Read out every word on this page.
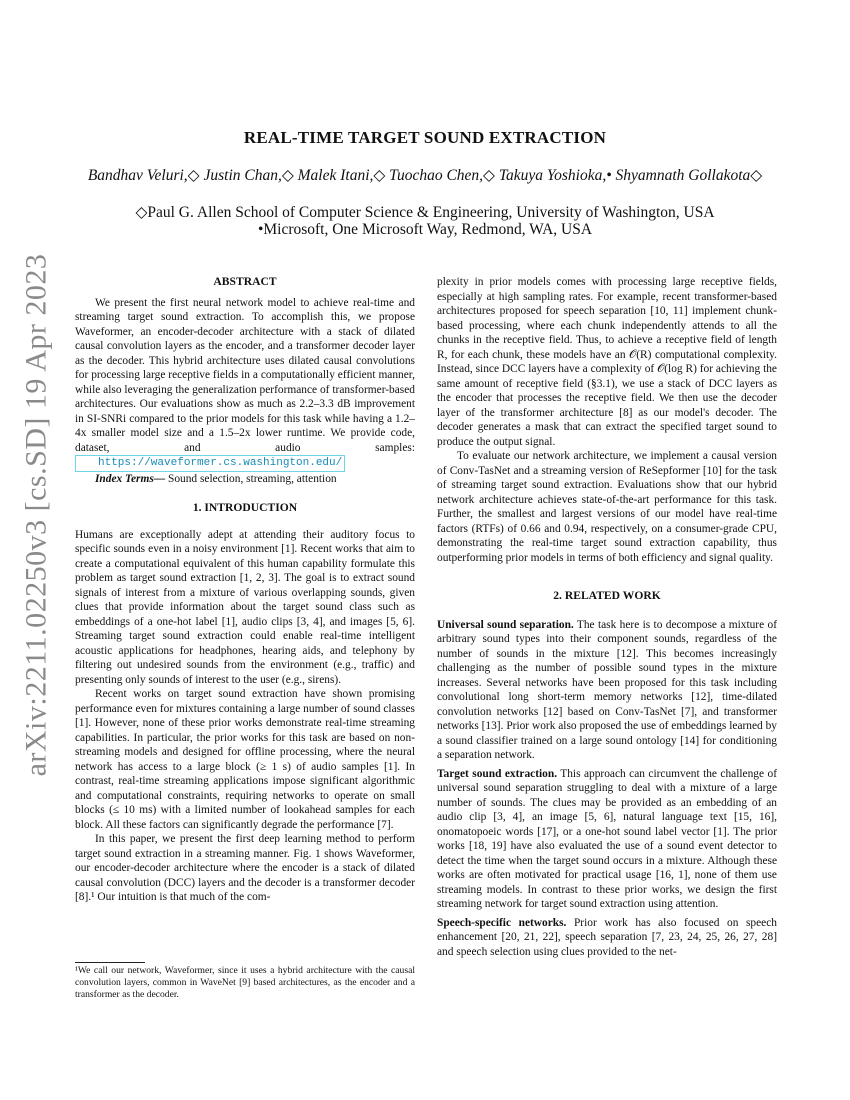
arXiv:2211.02250v3 [cs.SD] 19 Apr 2023
REAL-TIME TARGET SOUND EXTRACTION
Bandhav Veluri,◇ Justin Chan,◇ Malek Itani,◇ Tuochao Chen,◇ Takuya Yoshioka,• Shyamnath Gollakota◇
◇Paul G. Allen School of Computer Science & Engineering, University of Washington, USA
•Microsoft, One Microsoft Way, Redmond, WA, USA
ABSTRACT

We present the first neural network model to achieve real-time and streaming target sound extraction. To accomplish this, we propose Waveformer, an encoder-decoder architecture with a stack of dilated causal convolution layers as the encoder, and a transformer decoder layer as the decoder. This hybrid architecture uses dilated causal convolutions for processing large receptive fields in a computationally efficient manner, while also leveraging the generalization performance of transformer-based architectures. Our evaluations show as much as 2.2–3.3 dB improvement in SI-SNRi compared to the prior models for this task while having a 1.2–4x smaller model size and a 1.5–2x lower runtime. We provide code, dataset, and audio samples: https://waveformer.cs.washington.edu/

Index Terms— Sound selection, streaming, attention

1. INTRODUCTION

Humans are exceptionally adept at attending their auditory focus to specific sounds even in a noisy environment [1]. Recent works that aim to create a computational equivalent of this human capability formulate this problem as target sound extraction [1, 2, 3]. The goal is to extract sound signals of interest from a mixture of various overlapping sounds, given clues that provide information about the target sound class such as embeddings of a one-hot label [1], audio clips [3, 4], and images [5, 6]. Streaming target sound extraction could enable real-time intelligent acoustic applications for headphones, hearing aids, and telephony by filtering out undesired sounds from the environment (e.g., traffic) and presenting only sounds of interest to the user (e.g., sirens).

Recent works on target sound extraction have shown promising performance even for mixtures containing a large number of sound classes [1]. However, none of these prior works demonstrate real-time streaming capabilities. In particular, the prior works for this task are based on non-streaming models and designed for offline processing, where the neural network has access to a large block (≥ 1 s) of audio samples [1]. In contrast, real-time streaming applications impose significant algorithmic and computational constraints, requiring networks to operate on small blocks (≤ 10 ms) with a limited number of lookahead samples for each block. All these factors can significantly degrade the performance [7].

In this paper, we present the first deep learning method to perform target sound extraction in a streaming manner. Fig. 1 shows Waveformer, our encoder-decoder architecture where the encoder is a stack of dilated causal convolution (DCC) layers and the decoder is a transformer decoder [8].¹ Our intuition is that much of the com-

¹We call our network, Waveformer, since it uses a hybrid architecture with the causal convolution layers, common in WaveNet [9] based architectures, as the encoder and a transformer as the decoder.

plexity in prior models comes with processing large receptive fields, especially at high sampling rates. For example, recent transformer-based architectures proposed for speech separation [10, 11] implement chunk-based processing, where each chunk independently attends to all the chunks in the receptive field. Thus, to achieve a receptive field of length R, for each chunk, these models have an 𝒪(R) computational complexity. Instead, since DCC layers have a complexity of 𝒪(log R) for achieving the same amount of receptive field (§3.1), we use a stack of DCC layers as the encoder that processes the receptive field. We then use the decoder layer of the transformer architecture [8] as our model's decoder. The decoder generates a mask that can extract the specified target sound to produce the output signal.

To evaluate our network architecture, we implement a causal version of Conv-TasNet and a streaming version of ReSepformer [10] for the task of streaming target sound extraction. Evaluations show that our hybrid network architecture achieves state-of-the-art performance for this task. Further, the smallest and largest versions of our model have real-time factors (RTFs) of 0.66 and 0.94, respectively, on a consumer-grade CPU, demonstrating the real-time target sound extraction capability, thus outperforming prior models in terms of both efficiency and signal quality.

2. RELATED WORK

Universal sound separation. The task here is to decompose a mixture of arbitrary sound types into their component sounds, regardless of the number of sounds in the mixture [12]. This becomes increasingly challenging as the number of possible sound types in the mixture increases. Several networks have been proposed for this task including convolutional long short-term memory networks [12], time-dilated convolution networks [12] based on Conv-TasNet [7], and transformer networks [13]. Prior work also proposed the use of embeddings learned by a sound classifier trained on a large sound ontology [14] for conditioning a separation network.

Target sound extraction. This approach can circumvent the challenge of universal sound separation struggling to deal with a mixture of a large number of sounds. The clues may be provided as an embedding of an audio clip [3, 4], an image [5, 6], natural language text [15, 16], onomatopoeic words [17], or a one-hot sound label vector [1]. The prior works [18, 19] have also evaluated the use of a sound event detector to detect the time when the target sound occurs in a mixture. Although these works are often motivated for practical usage [16, 1], none of them use streaming models. In contrast to these prior works, we design the first streaming network for target sound extraction using attention.

Speech-specific networks. Prior work has also focused on speech enhancement [20, 21, 22], speech separation [7, 23, 24, 25, 26, 27, 28] and speech selection using clues provided to the net-
